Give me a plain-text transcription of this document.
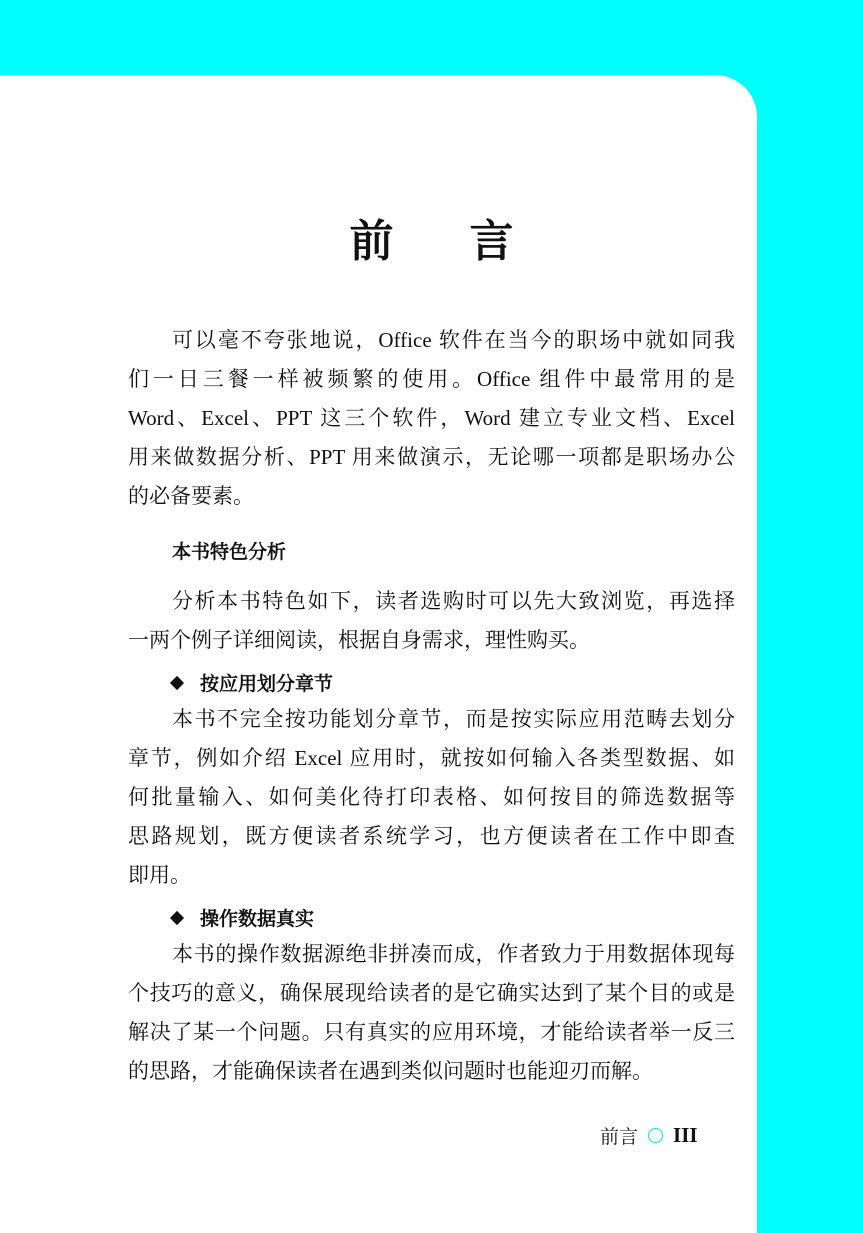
前 言
可以毫不夸张地说，Office 软件在当今的职场中就如同我
们一日三餐一样被频繁的使用。Office 组件中最常用的是
Word、Excel、PPT 这三个软件，Word 建立专业文档、Excel
用来做数据分析、PPT 用来做演示，无论哪一项都是职场办公
的必备要素。
本书特色分析
分析本书特色如下，读者选购时可以先大致浏览，再选择
一两个例子详细阅读，根据自身需求，理性购买。
按应用划分章节
本书不完全按功能划分章节，而是按实际应用范畴去划分
章节，例如介绍 Excel 应用时，就按如何输入各类型数据、如
何批量输入、如何美化待打印表格、如何按目的筛选数据等
思路规划，既方便读者系统学习，也方便读者在工作中即查
即用。
操作数据真实
本书的操作数据源绝非拼凑而成，作者致力于用数据体现每
个技巧的意义，确保展现给读者的是它确实达到了某个目的或是
解决了某一个问题。只有真实的应用环境，才能给读者举一反三
的思路，才能确保读者在遇到类似问题时也能迎刃而解。
前言 III
